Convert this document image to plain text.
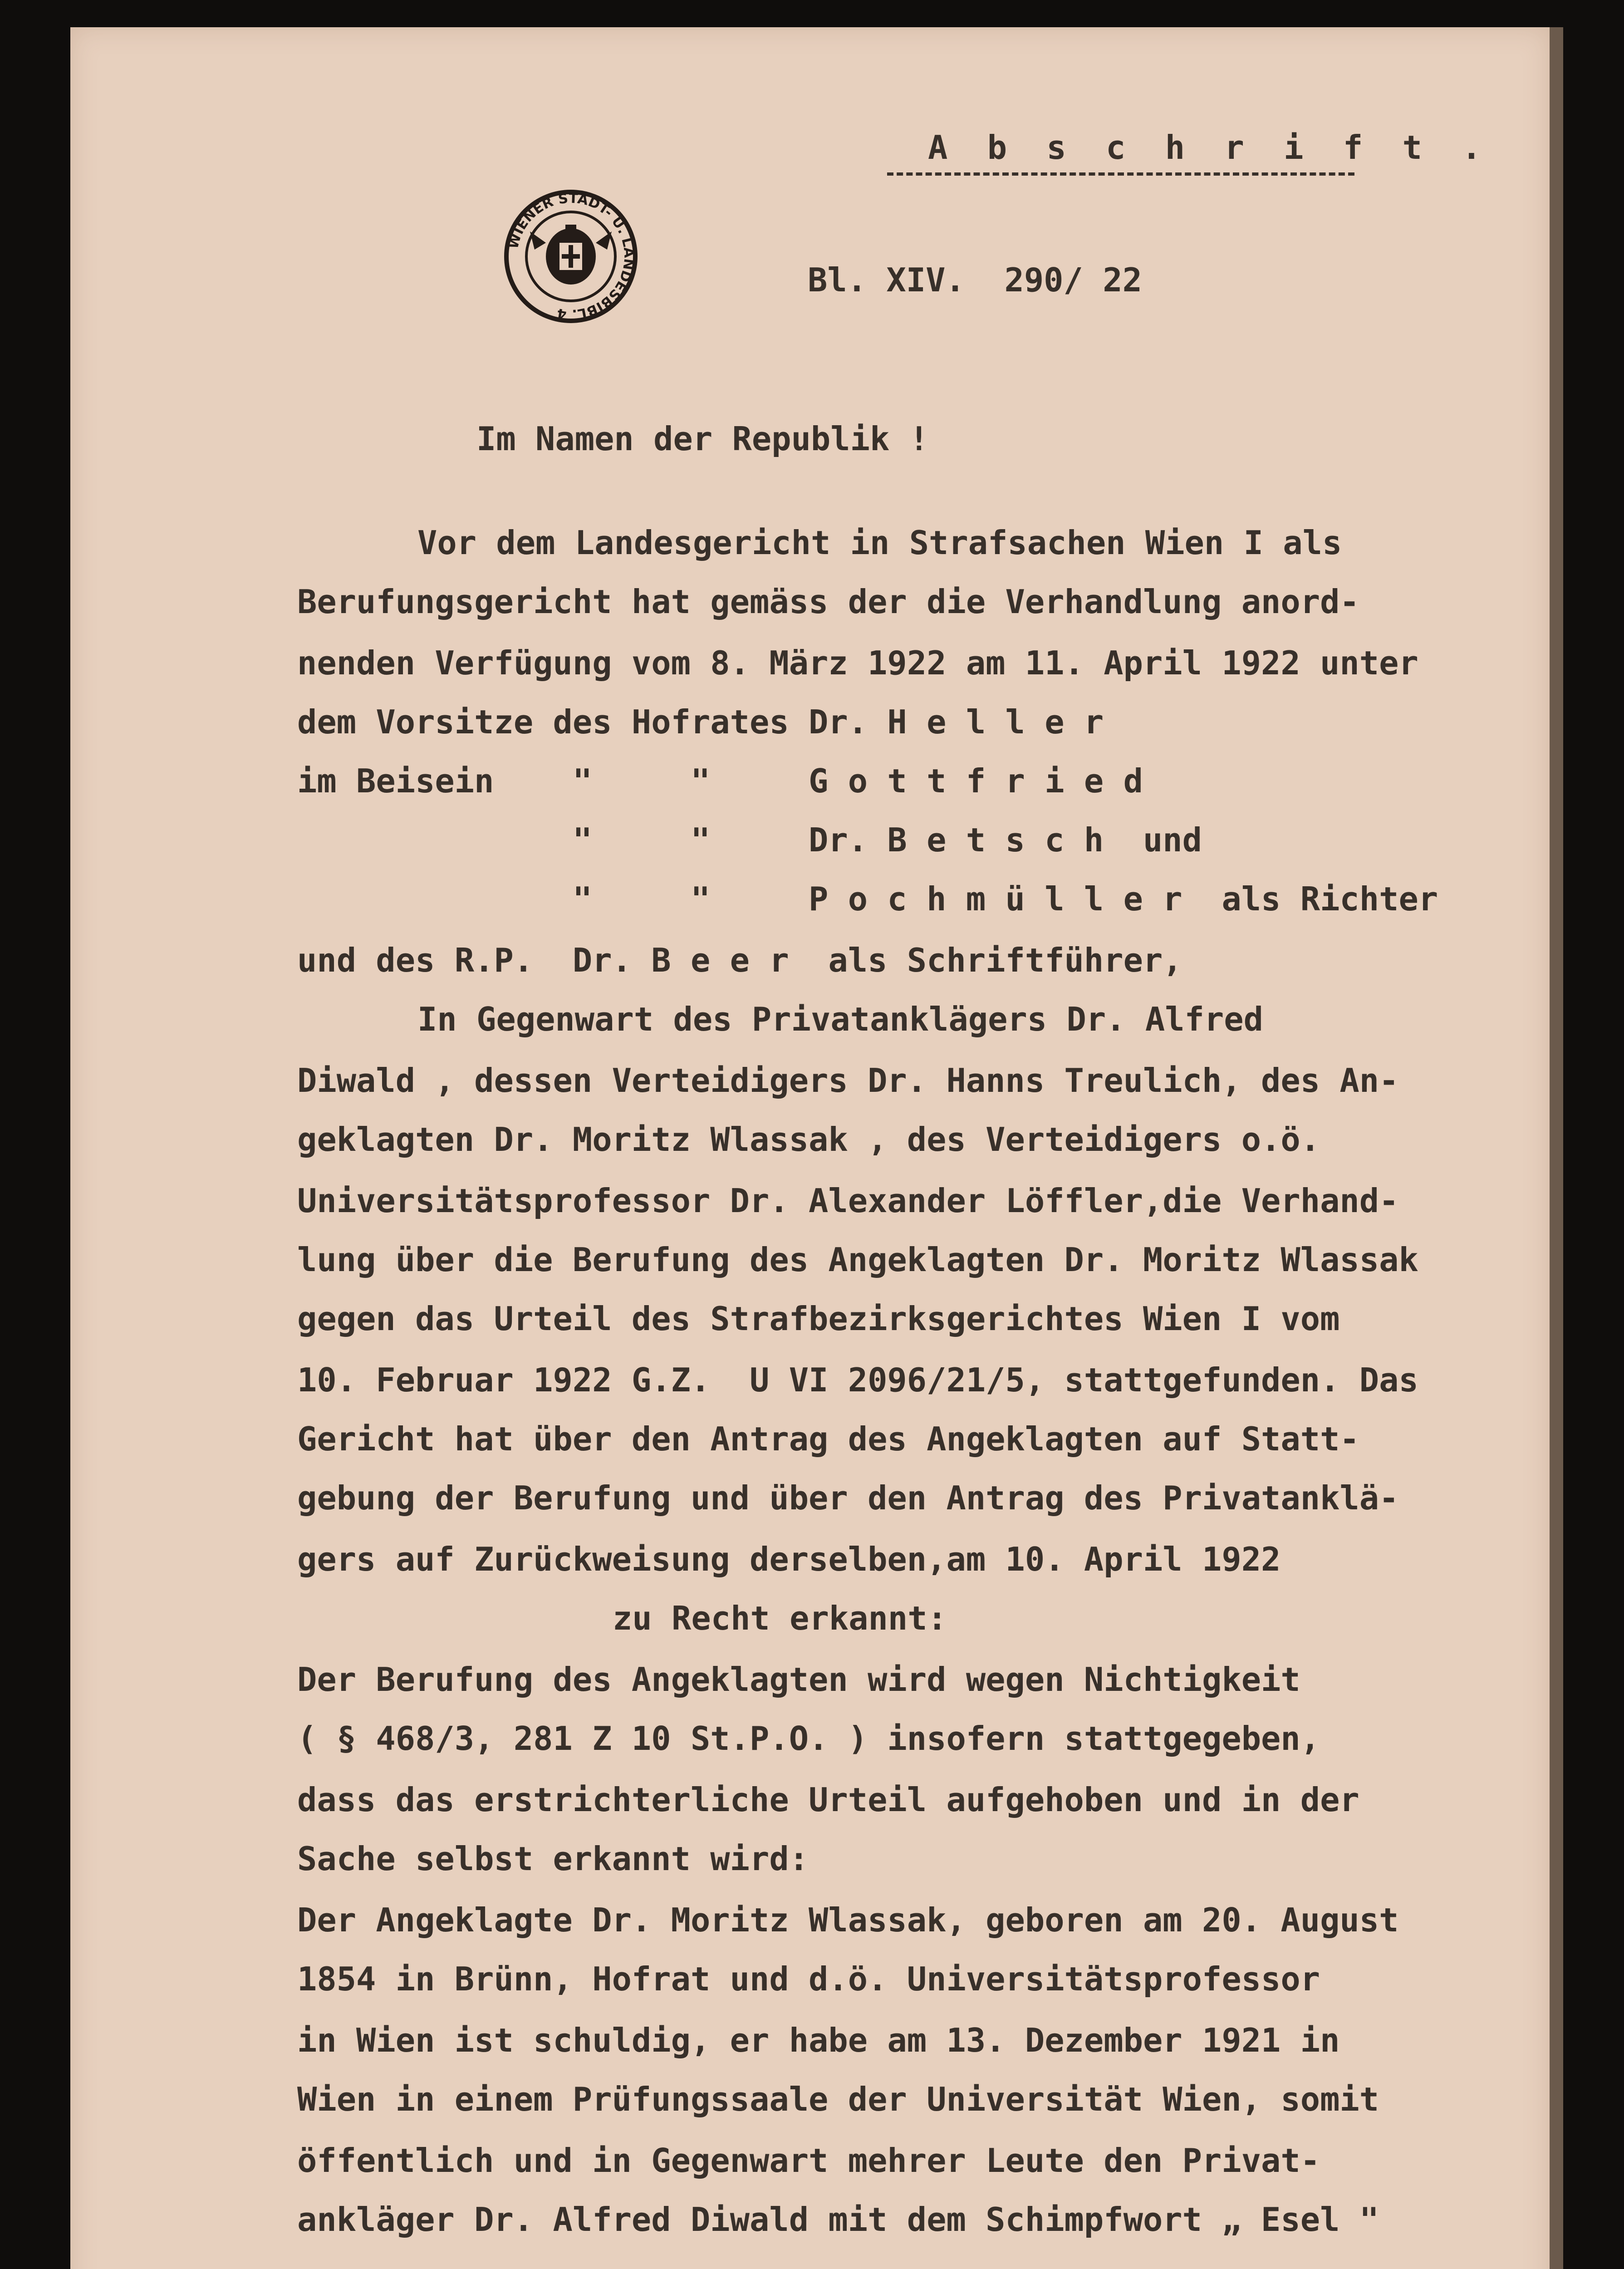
A b s c h r i f t .

WIENER STADT- U. LANDESBIBL. 4

Bl. XIV.  290/ 22

Im Namen der Republik !

Vor dem Landesgericht in Strafsachen Wien I als

Berufungsgericht hat gemäss der die Verhandlung anord-

nenden Verfügung vom 8. März 1922 am 11. April 1922 unter

dem Vorsitze des Hofrates Dr. H e l l e r

im Beisein    "     "     G o t t f r i e d

"     "     Dr. B e t s c h  und

"     "     P o c h m ü l l e r  als Richter

und des R.P.  Dr. B e e r  als Schriftführer,

In Gegenwart des Privatanklägers Dr. Alfred

Diwald , dessen Verteidigers Dr. Hanns Treulich, des An-

geklagten Dr. Moritz Wlassak , des Verteidigers o.ö.

Universitätsprofessor Dr. Alexander Löffler,die Verhand-

lung über die Berufung des Angeklagten Dr. Moritz Wlassak

gegen das Urteil des Strafbezirksgerichtes Wien I vom

10. Februar 1922 G.Z.  U VI 2096/21/5, stattgefunden. Das

Gericht hat über den Antrag des Angeklagten auf Statt-

gebung der Berufung und über den Antrag des Privatanklä-

gers auf Zurückweisung derselben,am 10. April 1922

zu Recht erkannt:

Der Berufung des Angeklagten wird wegen Nichtigkeit

( § 468/3, 281 Z 10 St.P.O. ) insofern stattgegeben,

dass das erstrichterliche Urteil aufgehoben und in der

Sache selbst erkannt wird:

Der Angeklagte Dr. Moritz Wlassak, geboren am 20. August

1854 in Brünn, Hofrat und d.ö. Universitätsprofessor

in Wien ist schuldig, er habe am 13. Dezember 1921 in

Wien in einem Prüfungssaale der Universität Wien, somit

öffentlich und in Gegenwart mehrer Leute den Privat-

ankläger Dr. Alfred Diwald mit dem Schimpfwort „ Esel "
